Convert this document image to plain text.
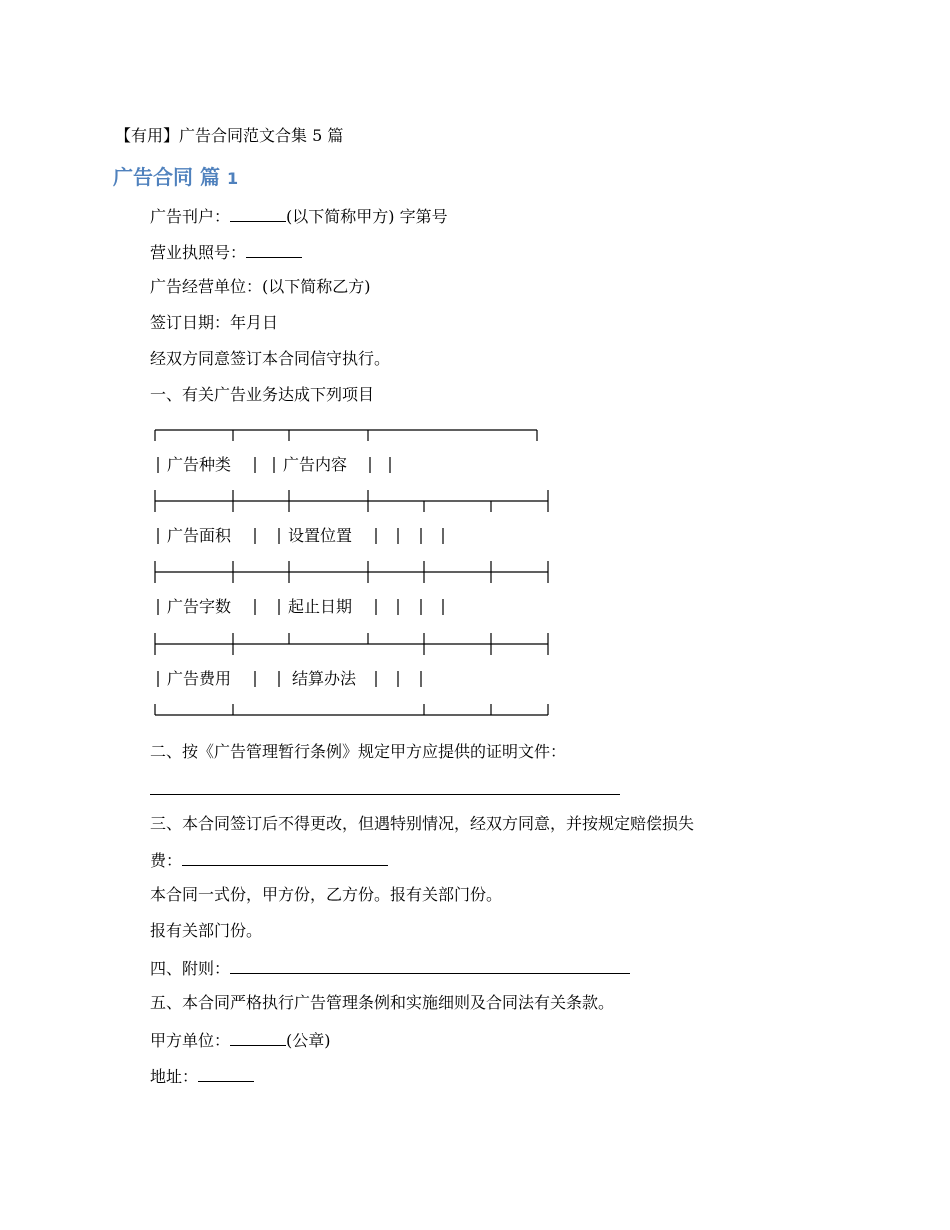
【有用】广告合同范文合集 5 篇
广告合同 篇 1
广告刊户：	(以下简称甲方) 字第号
营业执照号：
广告经营单位：(以下简称乙方)
签订日期：年月日
经双方同意签订本合同信守执行。
一、有关广告业务达成下列项目
广告种类	广告内容
广告面积	设置位置
广告字数	起止日期
广告费用	结算办法
二、按《广告管理暂行条例》规定甲方应提供的证明文件：
三、本合同签订后不得更改，但遇特别情况，经双方同意，并按规定赔偿损失
费：
本合同一式份，甲方份，乙方份。报有关部门份。
报有关部门份。
四、附则：
五、本合同严格执行广告管理条例和实施细则及合同法有关条款。
甲方单位：	(公章)
地址：
